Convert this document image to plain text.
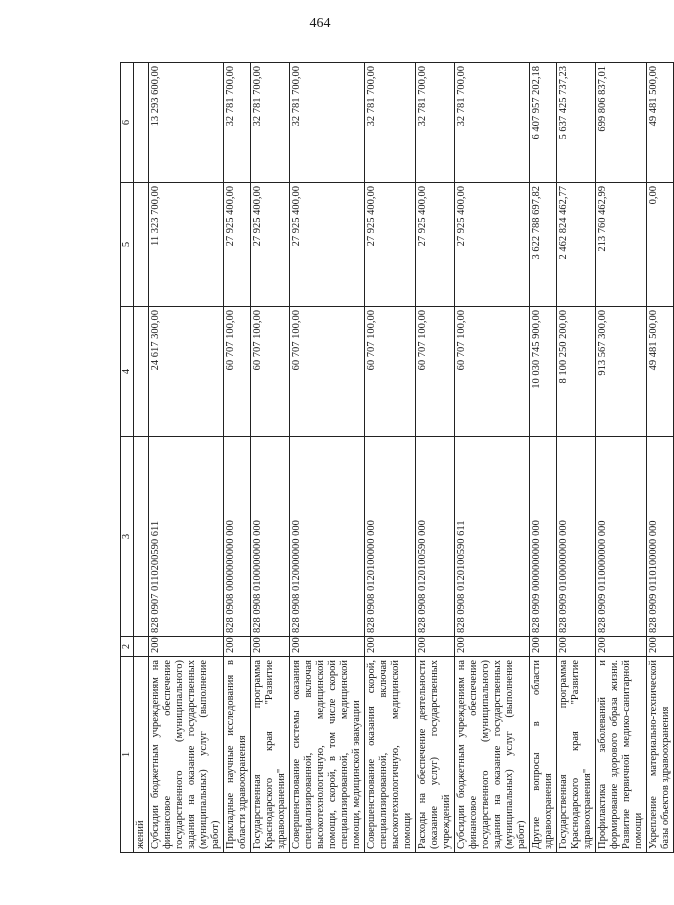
464
1	2	3	4	5	6
жений					
Субсидии бюджетным учреждениям на финансовое обеспечение государственного (муниципального) задания на оказание государственных (муниципальных) услуг (выполнение работ)	200	828 0907 0110200590 611	24 617 300,00	11 323 700,00	13 293 600,00
Прикладные научные исследования в области здравоохранения	200	828 0908 0000000000 000	60 707 100,00	27 925 400,00	32 781 700,00
Государственная программа Краснодарского края "Развитие здравоохранения"	200	828 0908 0100000000 000	60 707 100,00	27 925 400,00	32 781 700,00
Совершенствование системы оказания специализированной, включая высокотехнологичную, медицинской помощи, скорой, в том числе скорой специализированной, медицинской помощи, медицинской эвакуации	200	828 0908 0120000000 000	60 707 100,00	27 925 400,00	32 781 700,00
Совершенствование оказания скорой, специализированной, включая высокотехнологичную, медицинской помощи	200	828 0908 0120100000 000	60 707 100,00	27 925 400,00	32 781 700,00
Расходы на обеспечение деятельности (оказание услуг) государственных учреждений	200	828 0908 0120100590 000	60 707 100,00	27 925 400,00	32 781 700,00
Субсидии бюджетным учреждениям на финансовое обеспечение государственного (муниципального) задания на оказание государственных (муниципальных) услуг (выполнение работ)	200	828 0908 0120100590 611	60 707 100,00	27 925 400,00	32 781 700,00
Другие вопросы в области здравоохранения	200	828 0909 0000000000 000	10 030 745 900,00	3 622 788 697,82	6 407 957 202,18
Государственная программа Краснодарского края "Развитие здравоохранения"	200	828 0909 0100000000 000	8 100 250 200,00	2 462 824 462,77	5 637 425 737,23
Профилактика заболеваний и формирование здорового образа жизни. Развитие первичной медико-санитарной помощи	200	828 0909 0110000000 000	913 567 300,00	213 760 462,99	699 806 837,01
Укрепление материально-технической базы объектов здравоохранения	200	828 0909 0110100000 000	49 481 500,00	0,00	49 481 500,00
